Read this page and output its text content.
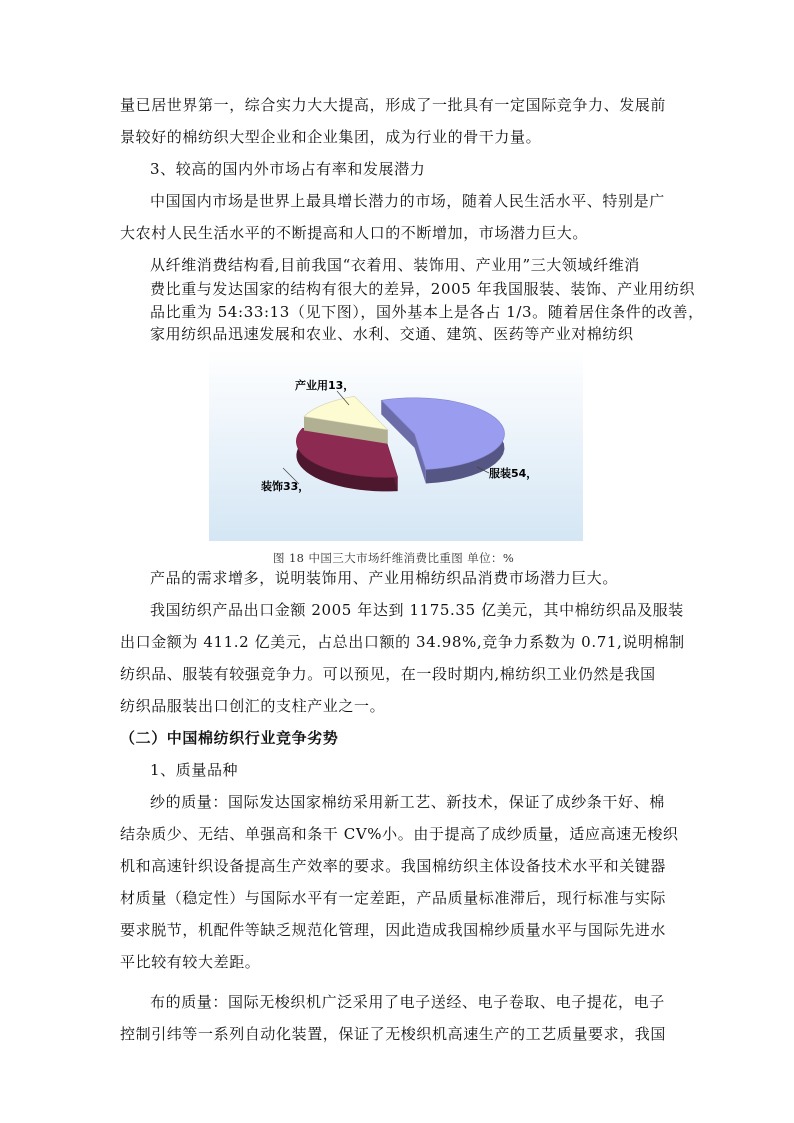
量已居世界第一，综合实力大大提高，形成了一批具有一定国际竞争力、发展前
景较好的棉纺织大型企业和企业集团，成为行业的骨干力量。
3、较高的国内外市场占有率和发展潜力
中国国内市场是世界上最具增长潜力的市场，随着人民生活水平、特别是广
大农村人民生活水平的不断提高和人口的不断增加，市场潜力巨大。
从纤维消费结构看,目前我国“衣着用、装饰用、产业用”三大领域纤维消
费比重与发达国家的结构有很大的差异，2005 年我国服装、装饰、产业用纺织
品比重为 54:33:13（见下图），国外基本上是各占 1/3。随着居住条件的改善，
家用纺织品迅速发展和农业、水利、交通、建筑、医药等产业对棉纺织
服装54，
装饰33，
产业用13，
图 18 中国三大市场纤维消费比重图 单位：%
产品的需求增多，说明装饰用、产业用棉纺织品消费市场潜力巨大。
我国纺织产品出口金额 2005 年达到 1175.35 亿美元，其中棉纺织品及服装
出口金额为 411.2 亿美元，占总出口额的 34.98%,竞争力系数为 0.71,说明棉制
纺织品、服装有较强竞争力。可以预见，在一段时期内,棉纺织工业仍然是我国
纺织品服装出口创汇的支柱产业之一。
（二）中国棉纺织行业竞争劣势
1、质量品种
纱的质量：国际发达国家棉纺采用新工艺、新技术，保证了成纱条干好、棉
结杂质少、无结、单强高和条干 CV%小。由于提高了成纱质量，适应高速无梭织
机和高速针织设备提高生产效率的要求。我国棉纺织主体设备技术水平和关键器
材质量（稳定性）与国际水平有一定差距，产品质量标准滞后，现行标准与实际
要求脱节，机配件等缺乏规范化管理，因此造成我国棉纱质量水平与国际先进水
平比较有较大差距。
布的质量：国际无梭织机广泛采用了电子送经、电子卷取、电子提花，电子
控制引纬等一系列自动化装置，保证了无梭织机高速生产的工艺质量要求，我国
